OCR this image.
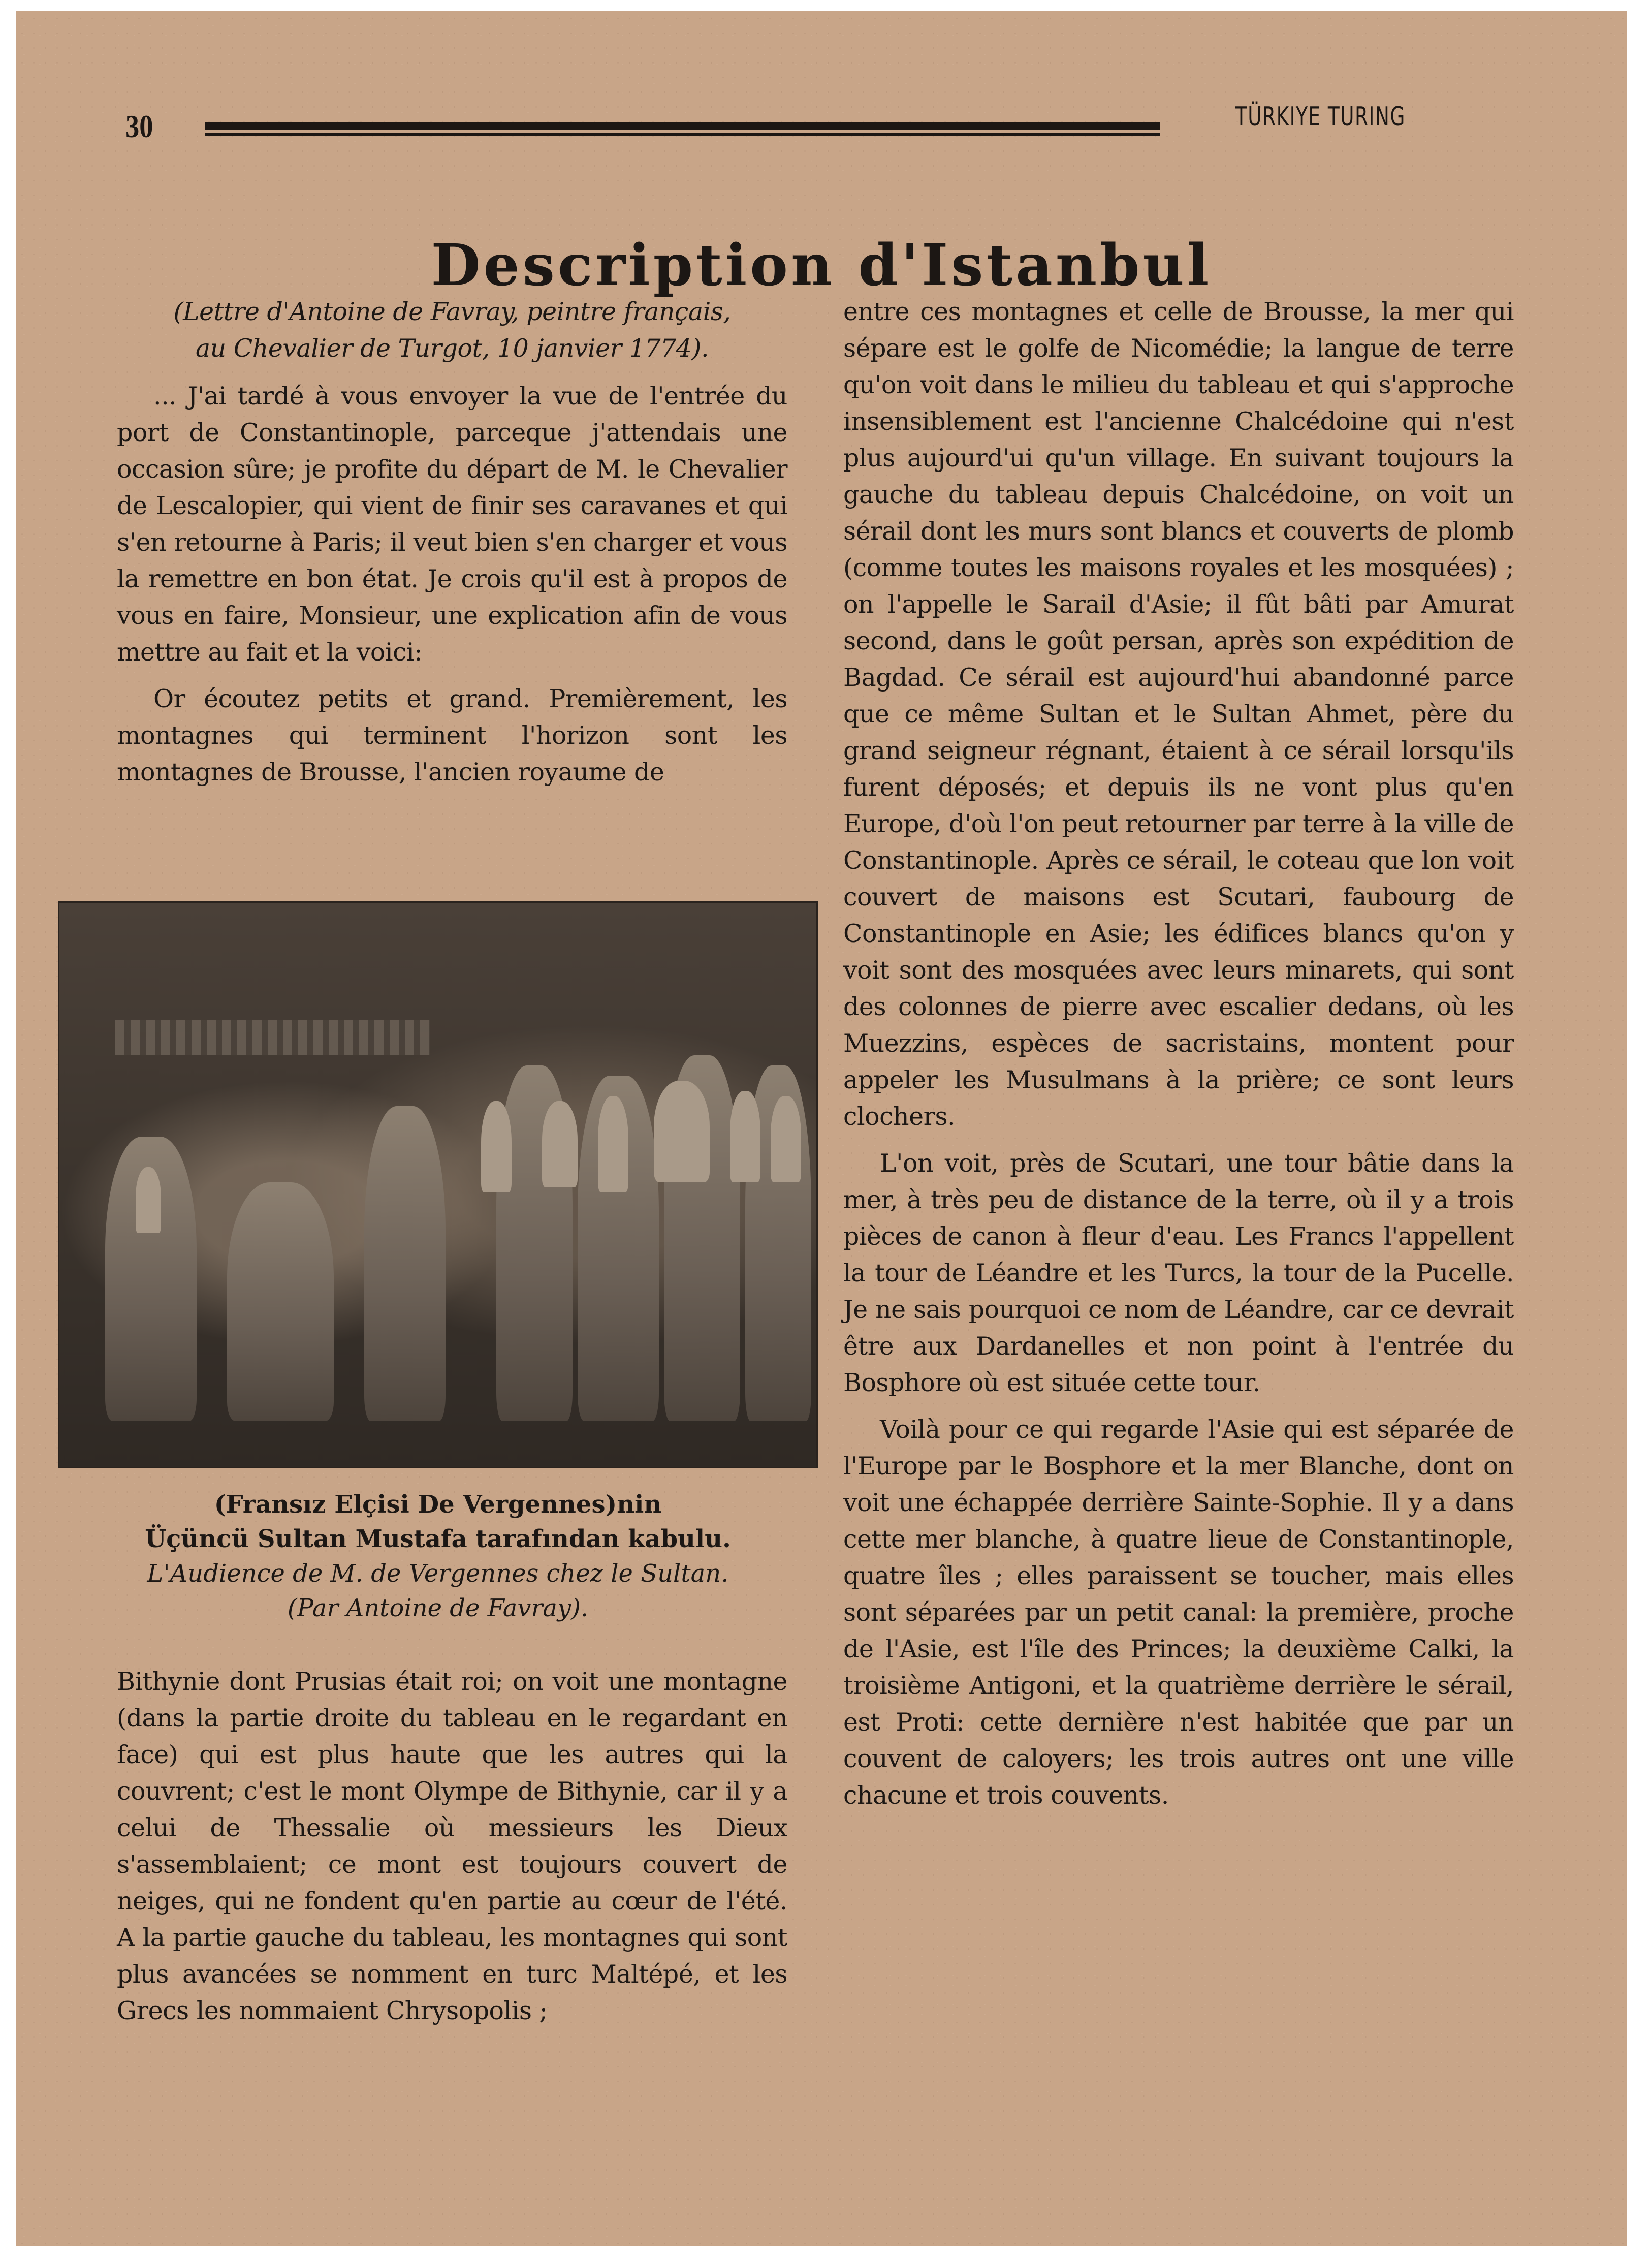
30	TÜRKIYE TURING
Description d'Istanbul
(Lettre d'Antoine de Favray, peintre français,
au Chevalier de Turgot, 10 janvier 1774).

... J'ai tardé à vous envoyer la vue de l'entrée du port de Constantinople, parceque j'attendais une occasion sûre; je profite du départ de M. le Chevalier de Lescalopier, qui vient de finir ses caravanes et qui s'en retourne à Paris; il veut bien s'en charger et vous la remettre en bon état. Je crois qu'il est à propos de vous en faire, Monsieur, une explication afin de vous mettre au fait et la voici:

Or écoutez petits et grand. Premièrement, les montagnes qui terminent l'horizon sont les montagnes de Brousse, l'ancien royaume de

(Fransız Elçisi De Vergennes)nin
Üçüncü Sultan Mustafa tarafından kabulu.
L'Audience de M. de Vergennes chez le Sultan.
(Par Antoine de Favray).

Bithynie dont Prusias était roi; on voit une montagne (dans la partie droite du tableau en le regardant en face) qui est plus haute que les autres qui la couvrent; c'est le mont Olympe de Bithynie, car il y a celui de Thessalie où messieurs les Dieux s'assemblaient; ce mont est toujours couvert de neiges, qui ne fondent qu'en partie au cœur de l'été. A la partie gauche du tableau, les montagnes qui sont plus avancées se nomment en turc Maltépé, et les Grecs les nommaient Chrysopolis ;

entre ces montagnes et celle de Brousse, la mer qui sépare est le golfe de Nicomédie; la langue de terre qu'on voit dans le milieu du tableau et qui s'approche insensiblement est l'ancienne Chalcédoine qui n'est plus aujourd'ui qu'un village. En suivant toujours la gauche du tableau depuis Chalcédoine, on voit un sérail dont les murs sont blancs et couverts de plomb (comme toutes les maisons royales et les mosquées) ; on l'appelle le Sarail d'Asie; il fût bâti par Amurat second, dans le goût persan, après son expédition de Bagdad. Ce sérail est aujourd'hui abandonné parce que ce même Sultan et le Sultan Ahmet, père du grand seigneur régnant, étaient à ce sérail lorsqu'ils furent déposés; et depuis ils ne vont plus qu'en Europe, d'où l'on peut retourner par terre à la ville de Constantinople. Après ce sérail, le coteau que lon voit couvert de maisons est Scutari, faubourg de Constantinople en Asie; les édifices blancs qu'on y voit sont des mosquées avec leurs minarets, qui sont des colonnes de pierre avec escalier dedans, où les Muezzins, espèces de sacristains, montent pour appeler les Musulmans à la prière; ce sont leurs clochers.

L'on voit, près de Scutari, une tour bâtie dans la mer, à très peu de distance de la terre, où il y a trois pièces de canon à fleur d'eau. Les Francs l'appellent la tour de Léandre et les Turcs, la tour de la Pucelle. Je ne sais pourquoi ce nom de Léandre, car ce devrait être aux Dardanelles et non point à l'entrée du Bosphore où est située cette tour.

Voilà pour ce qui regarde l'Asie qui est séparée de l'Europe par le Bosphore et la mer Blanche, dont on voit une échappée derrière Sainte-Sophie. Il y a dans cette mer blanche, à quatre lieue de Constantinople, quatre îles ; elles paraissent se toucher, mais elles sont séparées par un petit canal: la première, proche de l'Asie, est l'île des Princes; la deuxième Calki, la troisième Antigoni, et la quatrième derrière le sérail, est Proti: cette dernière n'est habitée que par un couvent de caloyers; les trois autres ont une ville chacune et trois couvents.
